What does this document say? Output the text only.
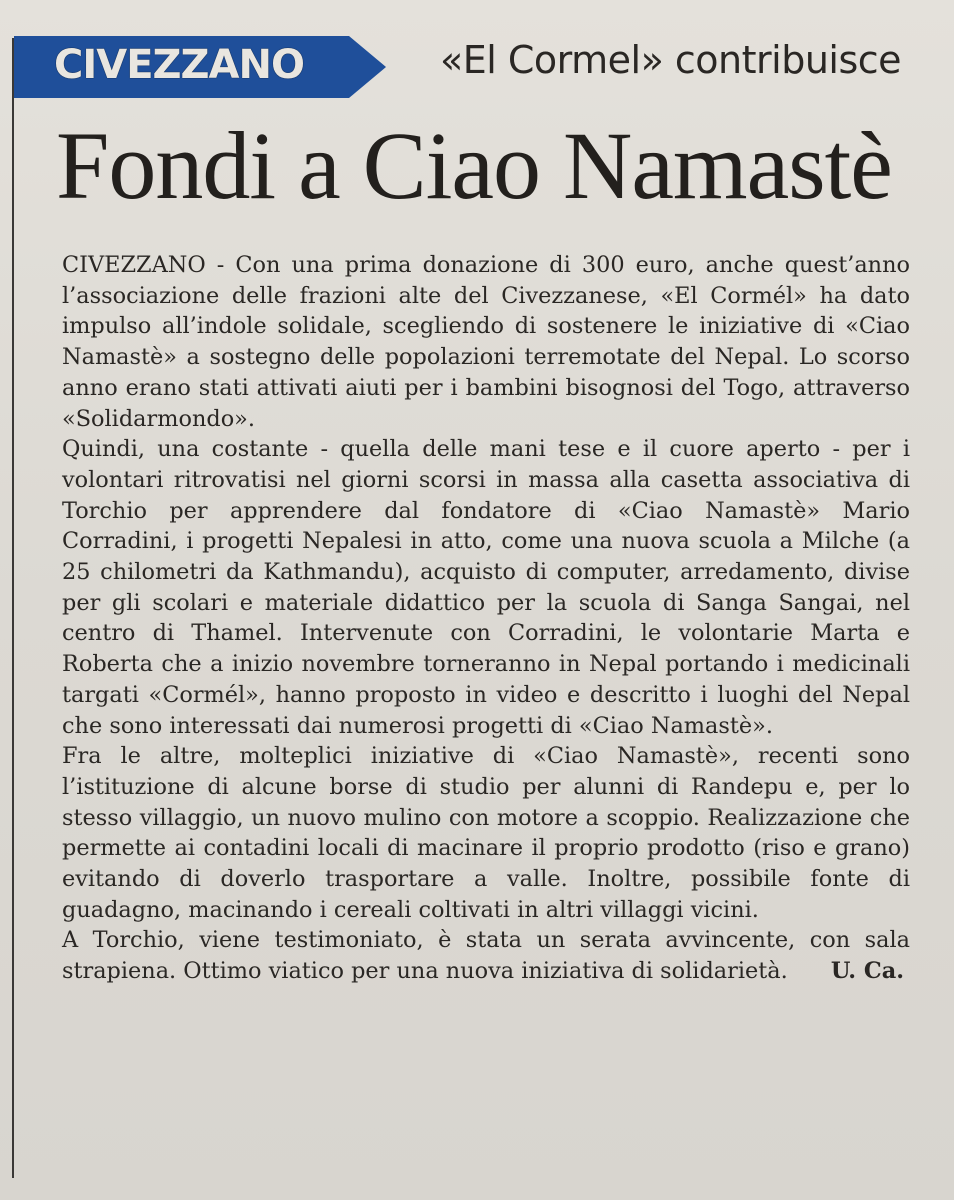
CIVEZZANO	«El Cormel» contribuisce
Fondi a Ciao Namastè

CIVEZZANO - Con una prima donazione di 300 euro, anche quest’anno l’associazione delle frazioni alte del Civezzanese, «El Cormél» ha dato impulso all’indole solidale, scegliendo di sostenere le iniziative di «Ciao Namastè» a sostegno delle popolazioni terremotate del Nepal. Lo scorso anno erano stati attivati aiuti per i bambini bisognosi del Togo, attraverso «Solidarmondo».

Quindi, una costante - quella delle mani tese e il cuore aperto - per i volontari ritrovatisi nel giorni scorsi in massa alla casetta associativa di Torchio per apprendere dal fondatore di «Ciao Namastè» Mario Corradini, i progetti Nepalesi in atto, come una nuova scuola a Milche (a 25 chilometri da Kathmandu), acquisto di computer, arredamento, divise per gli scolari e materiale didattico per la scuola di Sanga Sangai, nel centro di Thamel. Intervenute con Corradini, le volontarie Marta e Roberta che a inizio novembre torneranno in Nepal portando i medicinali targati «Cormél», hanno proposto in video e descritto i luoghi del Nepal che sono interessati dai numerosi progetti di «Ciao Namastè».

Fra le altre, molteplici iniziative di «Ciao Namastè», recenti sono l’istituzione di alcune borse di studio per alunni di Randepu e, per lo stesso villaggio, un nuovo mulino con motore a scoppio. Realizzazione che permette ai contadini locali di macinare il proprio prodotto (riso e grano) evitando di doverlo trasportare a valle. Inoltre, possibile fonte di guadagno, macinando i cereali coltivati in altri villaggi vicini.

A Torchio, viene testimoniato, è stata un serata avvincente, con sala strapiena. Ottimo viatico per una nuova iniziativa di solidarietà. U. Ca.
